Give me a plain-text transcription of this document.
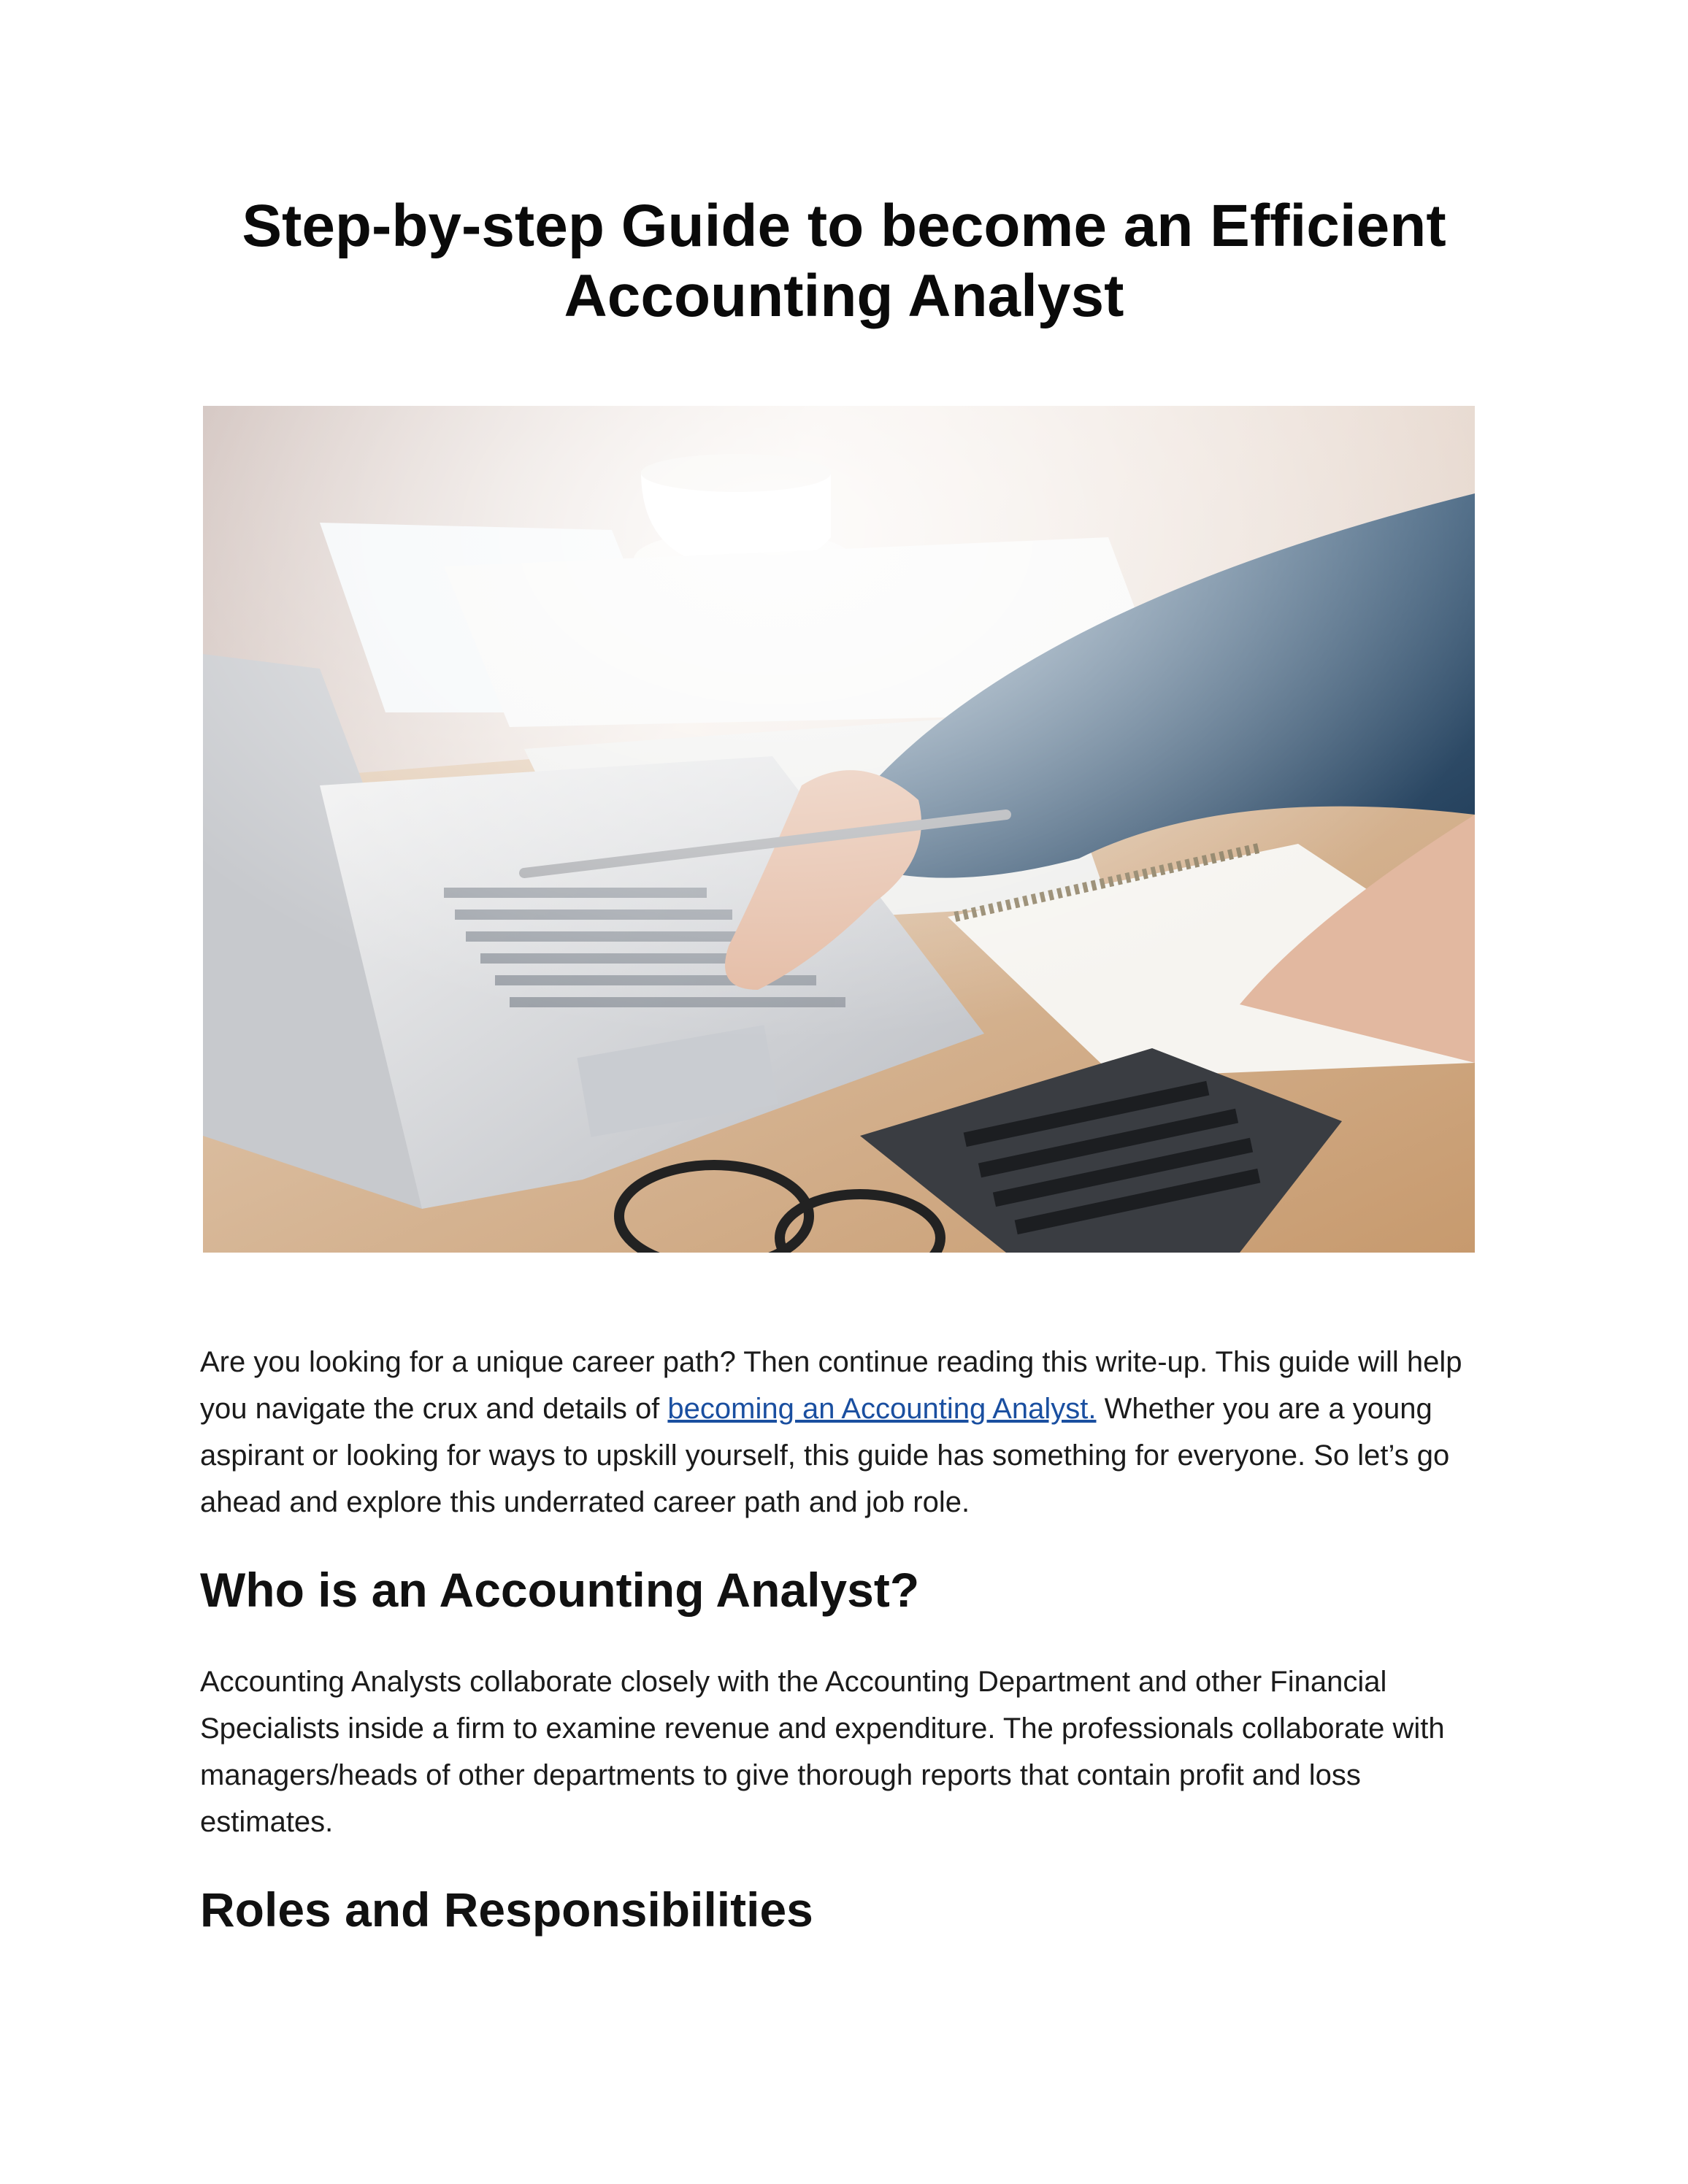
Step-by-step Guide to become an Efficient
Accounting Analyst

Are you looking for a unique career path? Then continue reading this write-up. This guide will help you navigate the crux and details of becoming an Accounting Analyst. Whether you are a young aspirant or looking for ways to upskill yourself, this guide has something for everyone. So let’s go ahead and explore this underrated career path and job role.

Who is an Accounting Analyst?

Accounting Analysts collaborate closely with the Accounting Department and other Financial Specialists inside a firm to examine revenue and expenditure. The professionals collaborate with managers/heads of other departments to give thorough reports that contain profit and loss estimates.

Roles and Responsibilities
